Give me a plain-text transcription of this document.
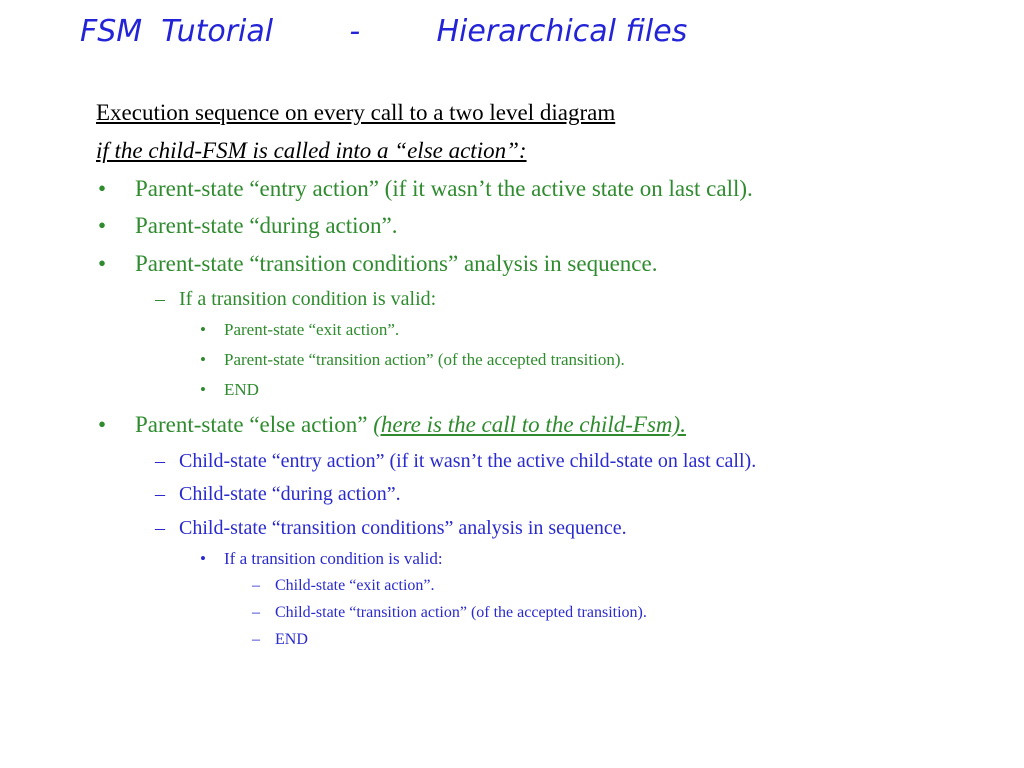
FSM  Tutorial        -        Hierarchical files
Execution sequence on every call to a two level diagram
if the child-FSM is called into a “else action”:
• Parent-state “entry action” (if it wasn’t the active state on last call).
• Parent-state “during action”.
• Parent-state “transition conditions” analysis in sequence.
– If a transition condition is valid:
• Parent-state “exit action”.
• Parent-state “transition action” (of the accepted transition).
• END
• Parent-state “else action” (here is the call to the child-Fsm).
– Child-state “entry action” (if it wasn’t the active child-state on last call).
– Child-state “during action”.
– Child-state “transition conditions” analysis in sequence.
• If a transition condition is valid:
– Child-state “exit action”.
– Child-state “transition action” (of the accepted transition).
– END
